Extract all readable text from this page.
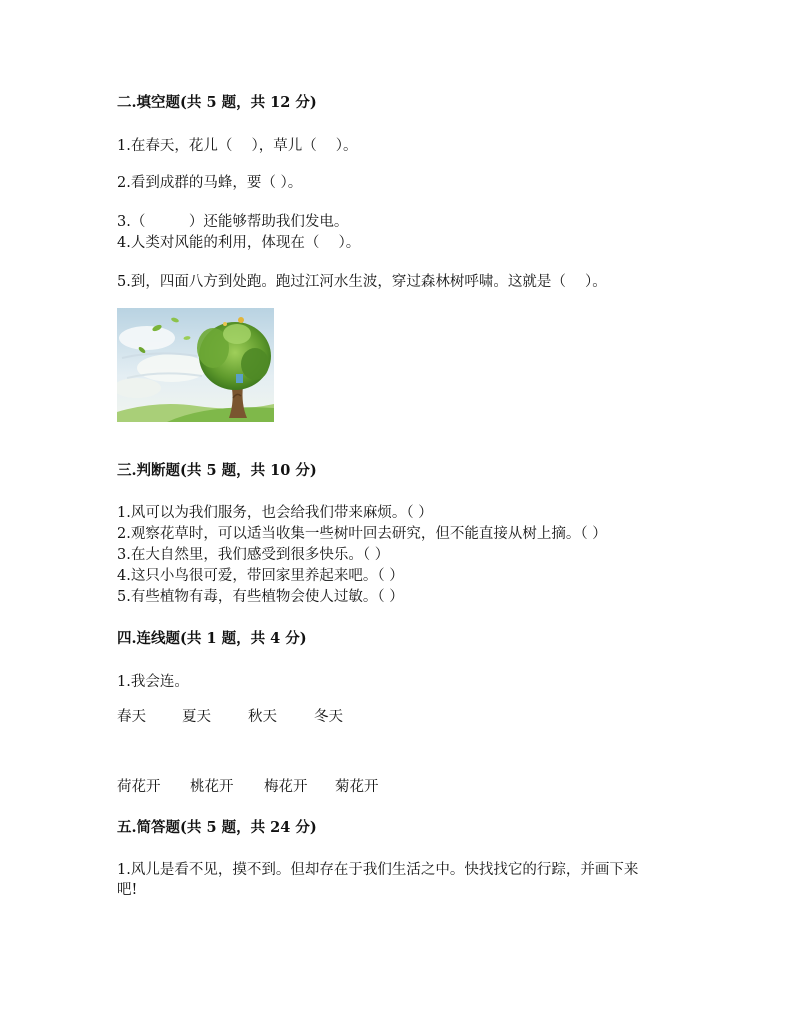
二.填空题(共 5 题，共 12 分)
1.在春天，花儿（　 ），草儿（　 ）。
2.看到成群的马蜂，要（ ）。
3.（　　　）还能够帮助我们发电。
4.人类对风能的利用，体现在（　 ）。
5.到，四面八方到处跑。跑过江河水生波，穿过森林树呼啸。这就是（　 ）。
三.判断题(共 5 题，共 10 分)
1.风可以为我们服务，也会给我们带来麻烦。（ ）
2.观察花草时，可以适当收集一些树叶回去研究，但不能直接从树上摘。（ ）
3.在大自然里，我们感受到很多快乐。（ ）
4.这只小鸟很可爱，带回家里养起来吧。（ ）
5.有些植物有毒，有些植物会使人过敏。（ ）
四.连线题(共 1 题，共 4 分)
1.我会连。
春天 夏天	秋天	冬天
荷花开 桃花开 梅花开 菊花开
五.简答题(共 5 题，共 24 分)
1.风儿是看不见，摸不到。但却存在于我们生活之中。快找找它的行踪，并画下来
吧!
